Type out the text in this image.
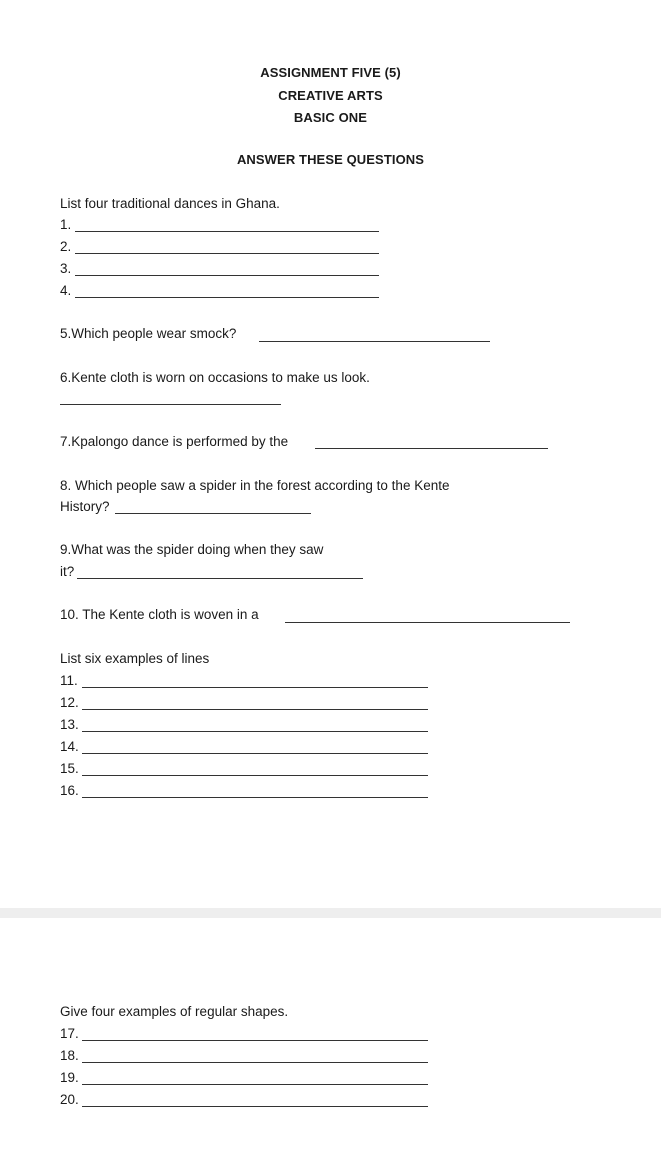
ASSIGNMENT FIVE (5)
CREATIVE ARTS
BASIC ONE
ANSWER THESE QUESTIONS
List four traditional dances in Ghana.
1.
2.
3.
4.
5.Which people wear smock?
6.Kente cloth is worn on occasions to make us look.
7.Kpalongo dance is performed by the
8. Which people saw a spider in the forest according to the Kente
History?
9.What was the spider doing when they saw
it?
10. The Kente cloth is woven in a
List six examples of lines
11.
12.
13.
14.
15.
16.
Give four examples of regular shapes.
17.
18.
19.
20.
